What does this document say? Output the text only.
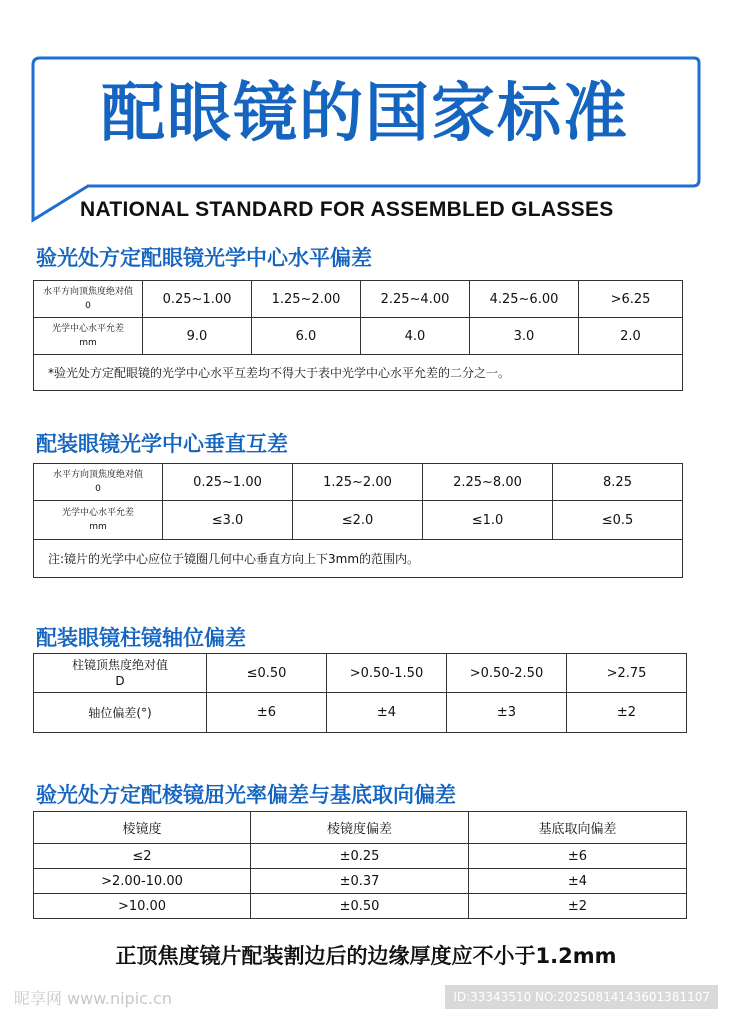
配眼镜的国家标准
NATIONAL STANDARD FOR ASSEMBLED GLASSES
验光处方定配眼镜光学中心水平偏差
水平方向顶焦度绝对值
0	0.25~1.00	1.25~2.00	2.25~4.00	4.25~6.00	>6.25
光学中心水平允差
mm	9.0	6.0	4.0	3.0	2.0
*验光处方定配眼镜的光学中心水平互差均不得大于表中光学中心水平允差的二分之一。					
配装眼镜光学中心垂直互差
水平方向顶焦度绝对值
0	0.25~1.00	1.25~2.00	2.25~8.00	8.25
光学中心水平允差
mm	≤3.0	≤2.0	≤1.0	≤0.5
注:镜片的光学中心应位于镜圈几何中心垂直方向上下3mm的范围内。				
配装眼镜柱镜轴位偏差
柱镜顶焦度绝对值
D	≤0.50	>0.50-1.50	>0.50-2.50	>2.75
轴位偏差(°)	±6	±4	±3	±2
验光处方定配棱镜屈光率偏差与基底取向偏差
棱镜度	棱镜度偏差	基底取向偏差
≤2	±0.25	±6
>2.00-10.00	±0.37	±4
>10.00	±0.50	±2
正顶焦度镜片配装割边后的边缘厚度应不小于1.2mm
昵享网 www.nipic.cn	ID:33343510 NO:20250814143601381107
